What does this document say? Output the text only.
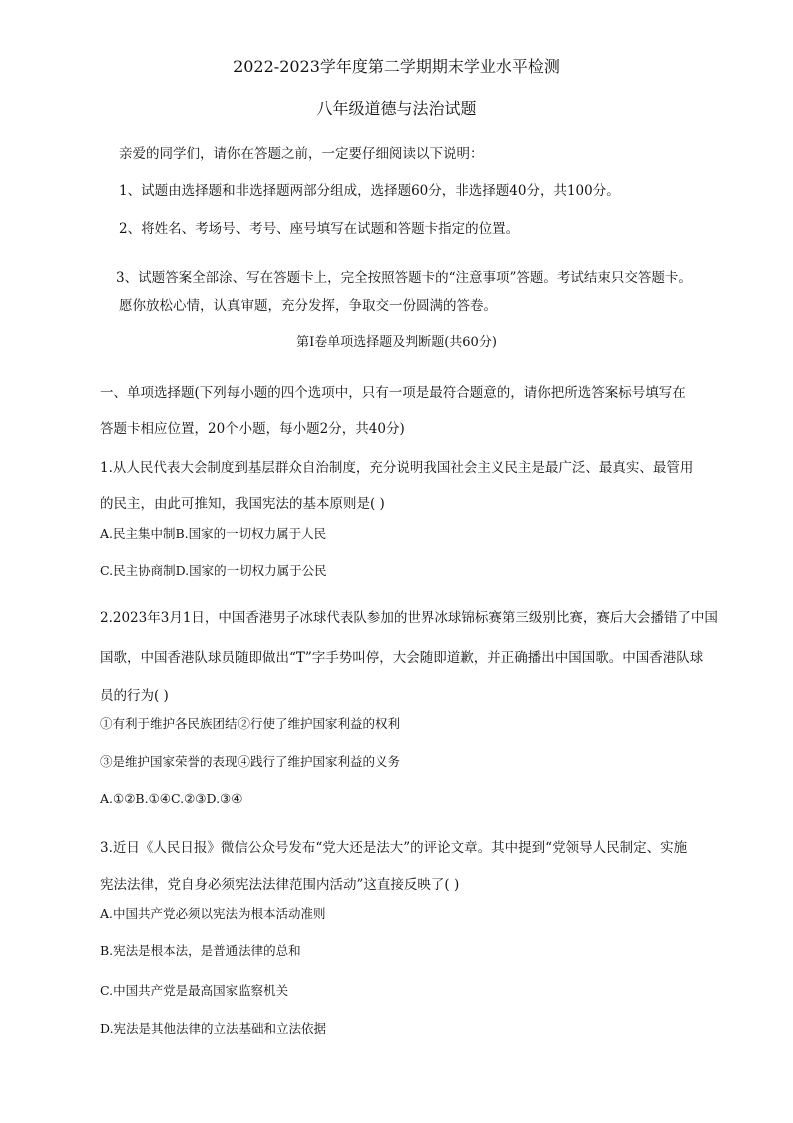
2022-2023学年度第二学期期末学业水平检测
八年级道德与法治试题
亲爱的同学们，请你在答题之前，一定要仔细阅读以下说明：
1、试题由选择题和非选择题两部分组成，选择题60分，非选择题40分，共100分。
2、将姓名、考场号、考号、座号填写在试题和答题卡指定的位置。
3、试题答案全部涂、写在答题卡上，完全按照答题卡的“注意事项”答题。考试结束只交答题卡。
愿你放松心情，认真审题，充分发挥，争取交一份圆满的答卷。
第Ⅰ卷单项选择题及判断题(共60分)
一、单项选择题(下列每小题的四个选项中，只有一项是最符合题意的，请你把所选答案标号填写在
答题卡相应位置，20个小题，每小题2分，共40分)
1.从人民代表大会制度到基层群众自治制度，充分说明我国社会主义民主是最广泛、最真实、最管用
的民主，由此可推知，我国宪法的基本原则是( )
A.民主集中制B.国家的一切权力属于人民
C.民主协商制D.国家的一切权力属于公民
2.2023年3月1日，中国香港男子冰球代表队参加的世界冰球锦标赛第三级别比赛，赛后大会播错了中国
国歌，中国香港队球员随即做出“T”字手势叫停，大会随即道歉，并正确播出中国国歌。中国香港队球
员的行为( )
①有利于维护各民族团结②行使了维护国家利益的权利
③是维护国家荣誉的表现④践行了维护国家利益的义务
A.①②B.①④C.②③D.③④
3.近日《人民日报》微信公众号发布“党大还是法大”的评论文章。其中提到“党领导人民制定、实施
宪法法律，党自身必须宪法法律范围内活动”这直接反映了( )
A.中国共产党必须以宪法为根本活动准则
B.宪法是根本法，是普通法律的总和
C.中国共产党是最高国家监察机关
D.宪法是其他法律的立法基础和立法依据
